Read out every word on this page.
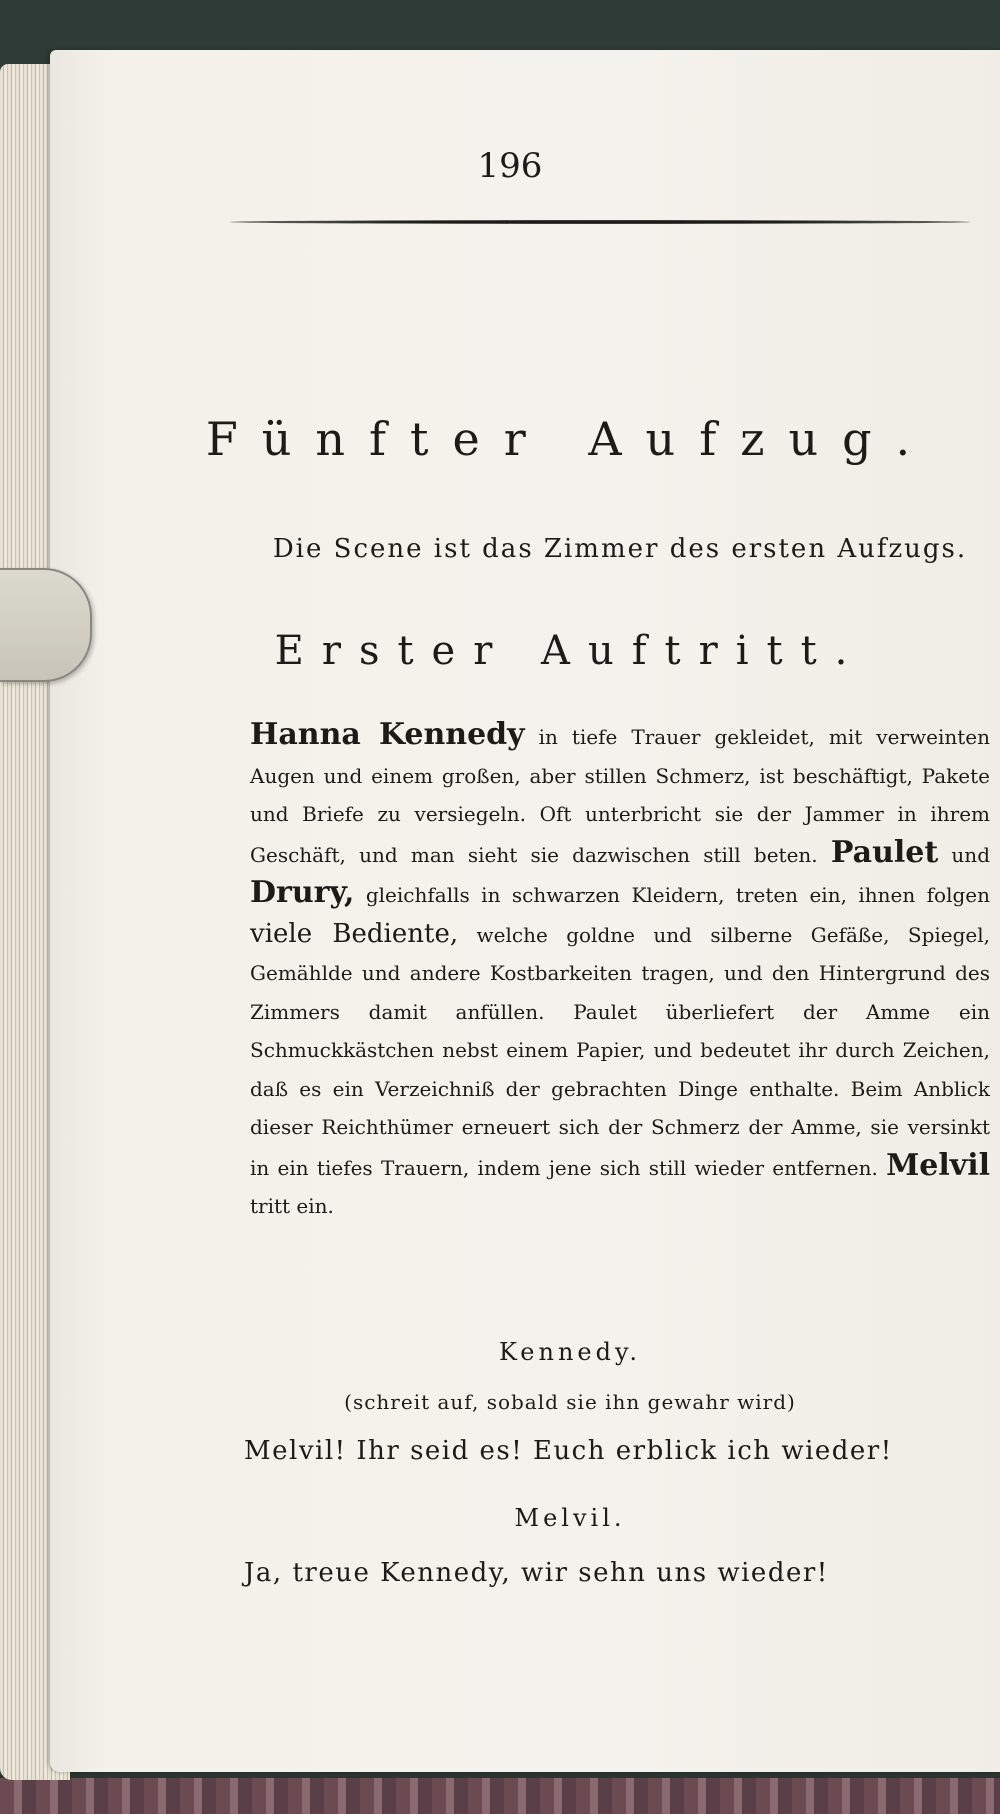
196
Fünfter Aufzug.
Die Scene ist das Zimmer des ersten Aufzugs.
Erster Auftritt.
Hanna Kennedy in tiefe Trauer gekleidet, mit verweinten Augen und einem großen, aber stillen Schmerz, ist beschäftigt, Pakete und Briefe zu versiegeln. Oft unterbricht sie der Jammer in ihrem Geschäft, und man sieht sie dazwischen still beten. Paulet und Drury, gleichfalls in schwarzen Kleidern, treten ein, ihnen folgen viele Bediente, welche goldne und silberne Gefäße, Spiegel, Gemählde und andere Kostbarkeiten tragen, und den Hintergrund des Zimmers damit anfüllen. Paulet überliefert der Amme ein Schmuckkästchen nebst einem Papier, und bedeutet ihr durch Zeichen, daß es ein Verzeichniß der gebrachten Dinge enthalte. Beim Anblick dieser Reichthümer erneuert sich der Schmerz der Amme, sie versinkt in ein tiefes Trauern, indem jene sich still wieder entfernen. Melvil tritt ein.
Kennedy.
(schreit auf, sobald sie ihn gewahr wird)
Melvil! Ihr seid es! Euch erblick ich wieder!
Melvil.
Ja, treue Kennedy, wir sehn uns wieder!
